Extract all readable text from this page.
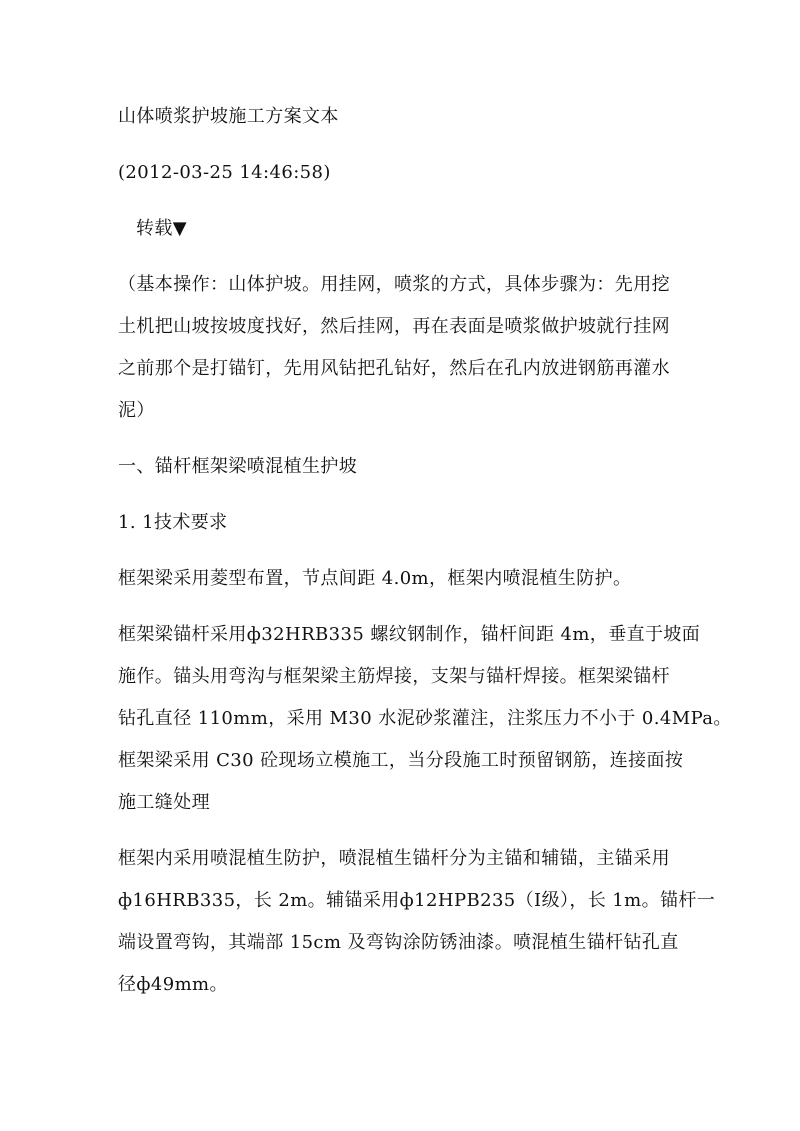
山体喷浆护坡施工方案文本
(2012-03-25 14:46:58)
转载▼
（基本操作：山体护坡。用挂网，喷浆的方式，具体步骤为：先用挖
土机把山坡按坡度找好，然后挂网，再在表面是喷浆做护坡就行挂网
之前那个是打锚钉，先用风钻把孔钻好，然后在孔内放进钢筋再灌水
泥）
一、锚杆框架梁喷混植生护坡
1. 1技术要求
框架梁采用菱型布置，节点间距 4.0m，框架内喷混植生防护。
框架梁锚杆采用ф32HRB335 螺纹钢制作，锚杆间距 4m，垂直于坡面
施作。锚头用弯沟与框架梁主筋焊接，支架与锚杆焊接。框架梁锚杆
钻孔直径 110mm，采用 M30 水泥砂浆灌注，注浆压力不小于 0.4MPa。
框架梁采用 C30 砼现场立模施工，当分段施工时预留钢筋，连接面按
施工缝处理
框架内采用喷混植生防护，喷混植生锚杆分为主锚和辅锚，主锚采用
ф16HRB335，长 2m。辅锚采用ф12HPB235（Ⅰ级），长 1m。锚杆一
端设置弯钩，其端部 15cm 及弯钩涂防锈油漆。喷混植生锚杆钻孔直
径ф49mm。
